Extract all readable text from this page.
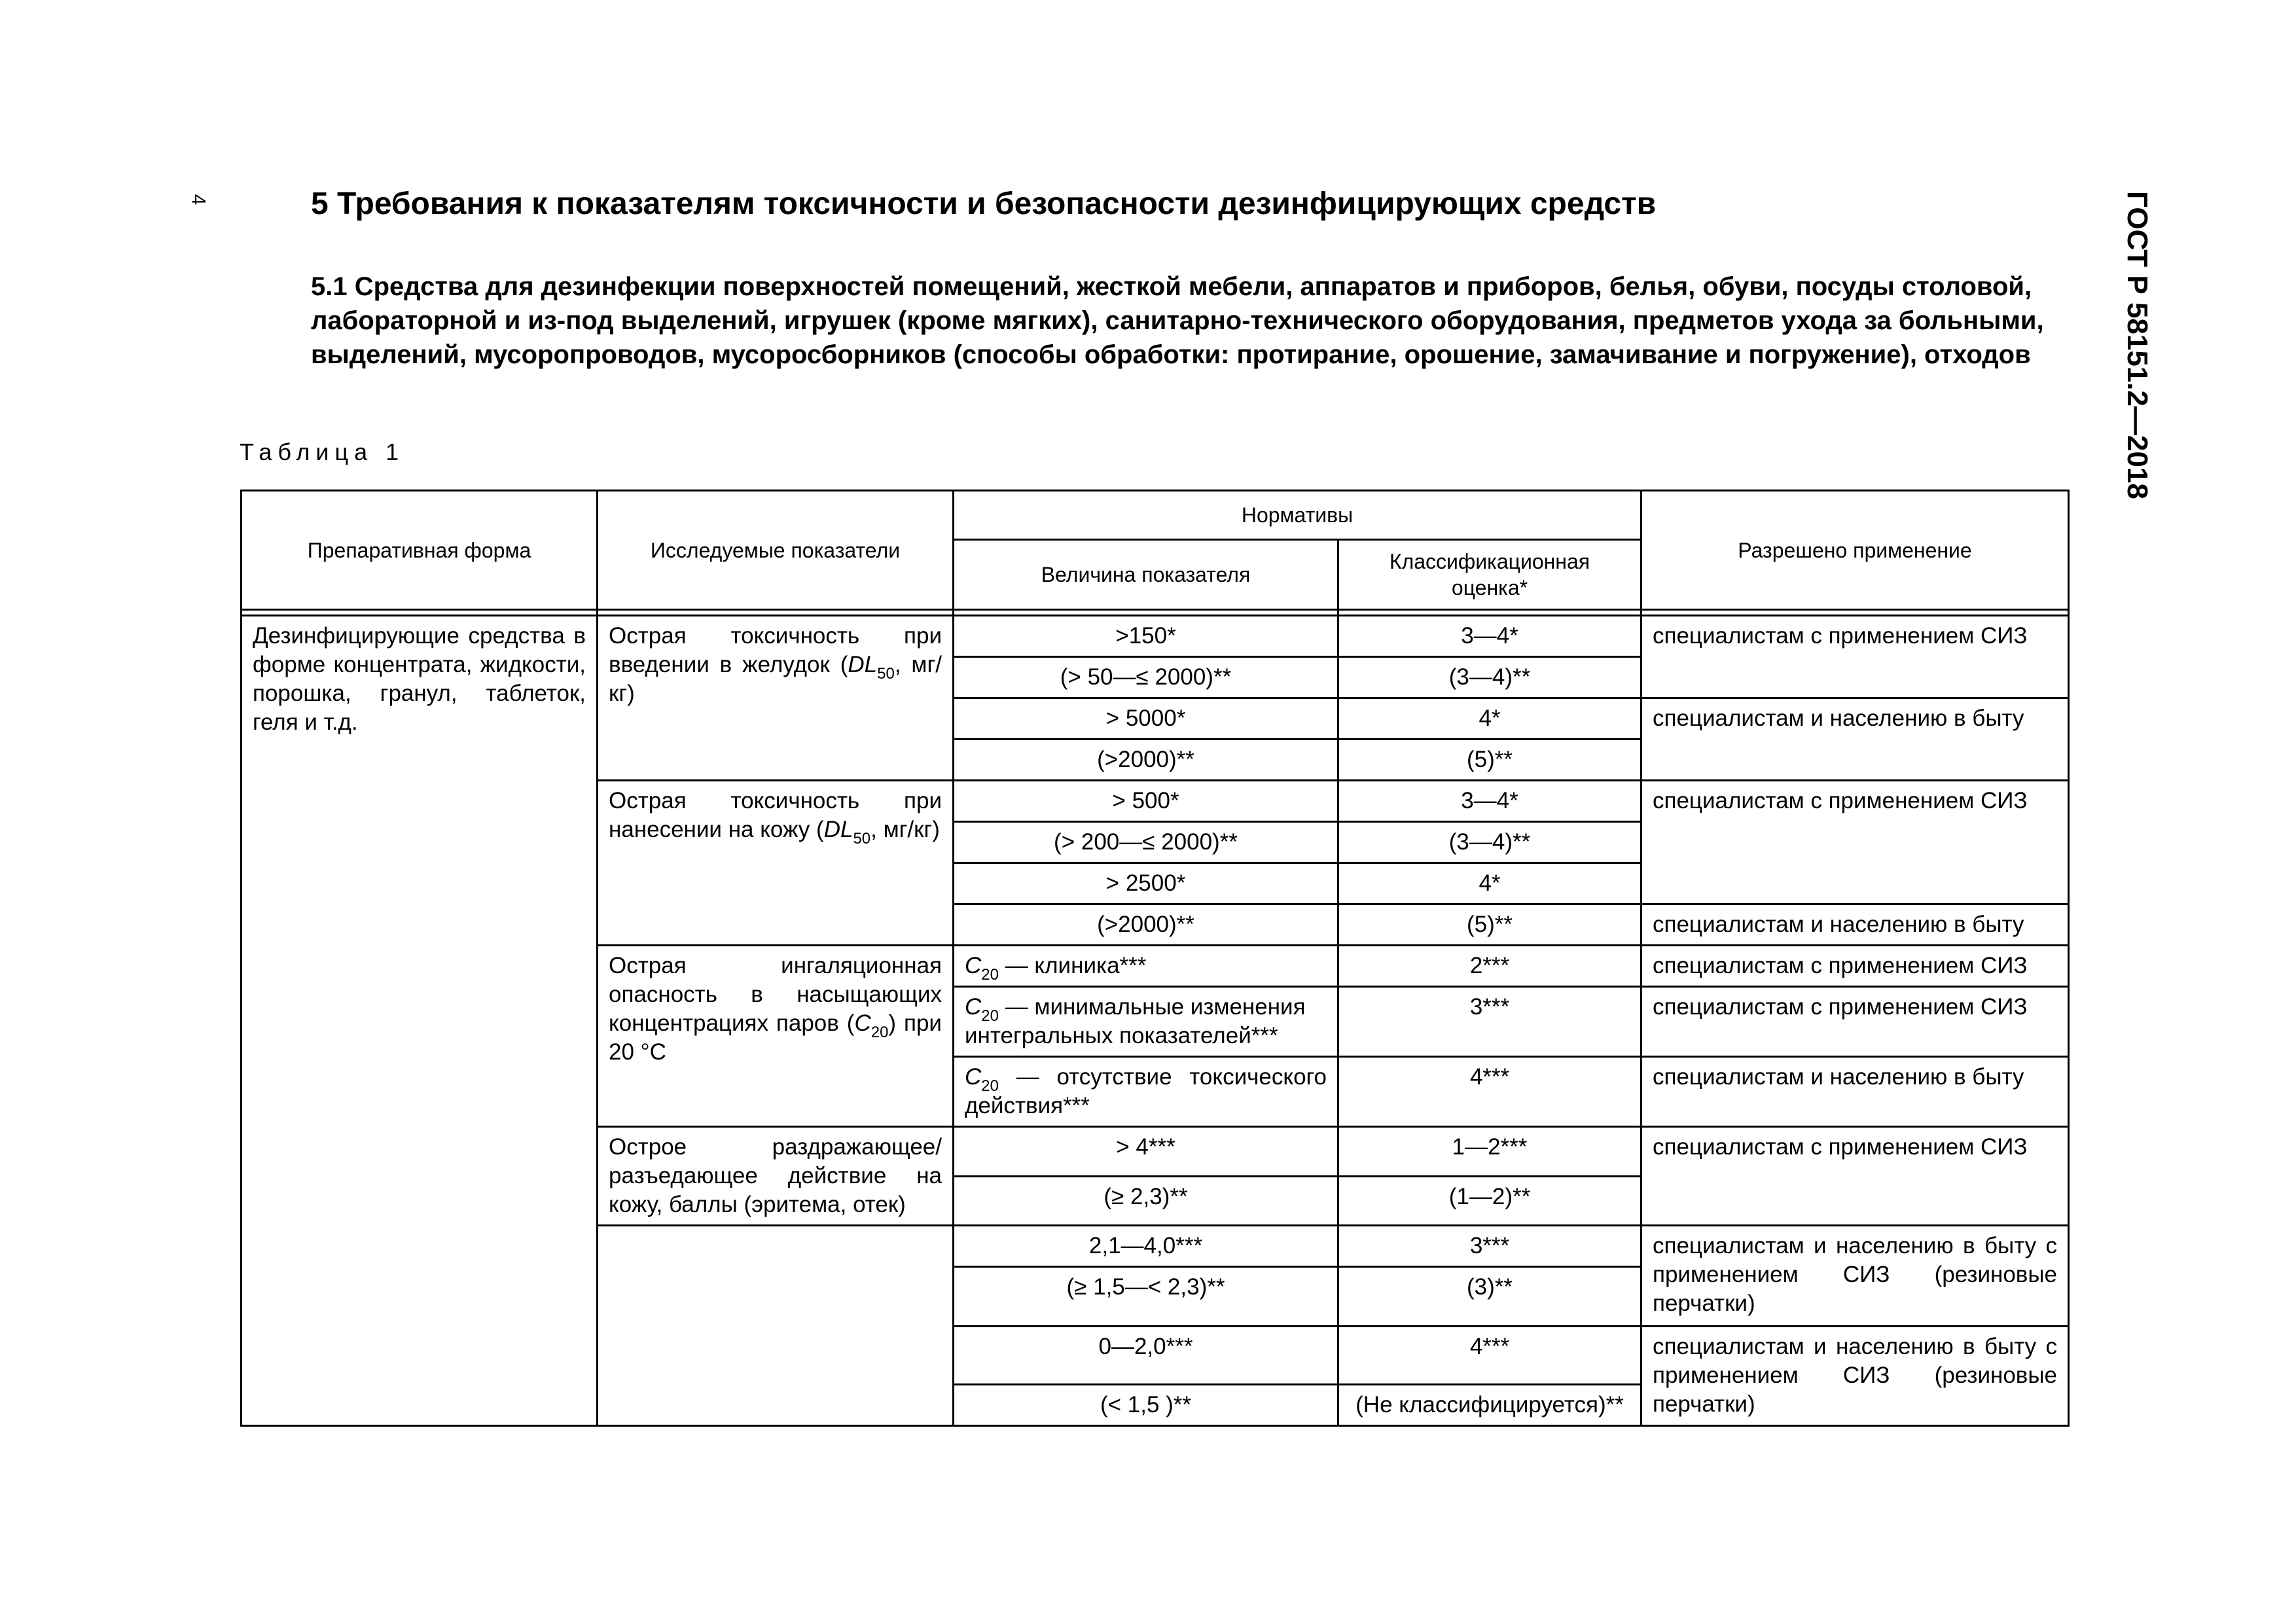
4	ГОСТ Р 58151.2—2018
5 Требования к показателям токсичности и безопасности дезинфицирующих средств
5.1 Средства для дезинфекции поверхностей помещений, жесткой мебели, аппаратов и приборов, белья, обуви, посуды столовой, лабораторной и из-под выделений, игрушек (кроме мягких), санитарно-технического оборудования, предметов ухода за больными, выделений, мусоропроводов, мусоросборников (способы обработки: протирание, орошение, замачивание и погружение), отходов
Таблица 1
Препаративная форма	Исследуемые показатели	Нормативы		Разрешено применение
		Величина показателя	Классификационная оценка*	

Дезинфицирующие средства в форме концентрата, жидкости, порошка, гранул, таблеток, геля и т.д.	Острая токсичность при введении в желудок ($DL_{50}$, мг/кг)	>150*	3—4*	специалистам с применением СИЗ
		(> 50—≤ 2000)**	(3—4)**	
		> 5000*	4*	специалистам и населению в быту
		(>2000)**	(5)**	
	Острая токсичность при нанесении на кожу ($DL_{50}$, мг/кг)	> 500*	3—4*	специалистам с применением СИЗ
		(> 200—≤ 2000)**	(3—4)**	
		> 2500*	4*	
		(>2000)**	(5)**	специалистам и населению в быту
	Острая ингаляционная опасность в насыщающих концентрациях паров $(C_{20})$ при 20 °С	$C_{20}$ — клиника***	2***	специалистам с применением СИЗ
		$C_{20}$ — минимальные изменения интегральных показателей***	3***	специалистам с применением СИЗ
		$C_{20}$ — отсутствие токсического действия***	4***	специалистам и населению в быту
	Острое раздражающее/ разъедающее действие на кожу, баллы (эритема, отек)	> 4***	1—2***	специалистам с применением СИЗ
		(≥ 2,3)**	(1—2)**	
		2,1—4,0***	3***	специалистам и населению в быту с применением СИЗ (резиновые перчатки)
		(≥ 1,5—< 2,3)**	(3)**	
		0—2,0***	4***	специалистам и населению в быту с применением СИЗ (резиновые перчатки)
		(< 1,5 )**	(Не классифицируется)**	
